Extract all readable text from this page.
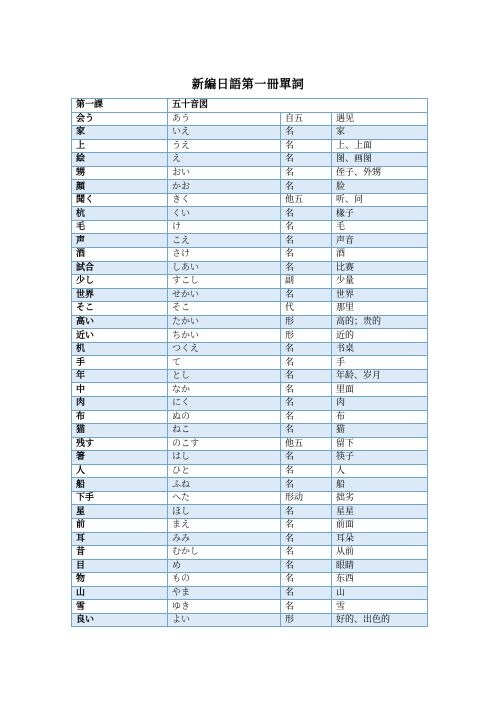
新編日語第一冊單詞
第一課	五十音図		
会う	あう	自五	遇见
家	いえ	名	家
上	うえ	名	上、上面
絵	え	名	图、画图
甥	おい	名	侄子、外甥
顔	かお	名	脸
聞く	きく	他五	听、问
杭	くい	名	椽子
毛	け	名	毛
声	こえ	名	声音
酒	さけ	名	酒
試合	しあい	名	比赛
少し	すこし	副	少量
世界	せかい	名	世界
そこ	そこ	代	那里
高い	たかい	形	高的；贵的
近い	ちかい	形	近的
机	つくえ	名	书桌
手	て	名	手
年	とし	名	年龄、岁月
中	なか	名	里面
肉	にく	名	肉
布	ぬの	名	布
猫	ねこ	名	猫
残す	のこす	他五	留下
箸	はし	名	筷子
人	ひと	名	人
船	ふね	名	船
下手	へた	形动	拙劣
星	ほし	名	星星
前	まえ	名	前面
耳	みみ	名	耳朵
昔	むかし	名	从前
目	め	名	眼睛
物	もの	名	东西
山	やま	名	山
雪	ゆき	名	雪
良い	よい	形	好的、出色的
